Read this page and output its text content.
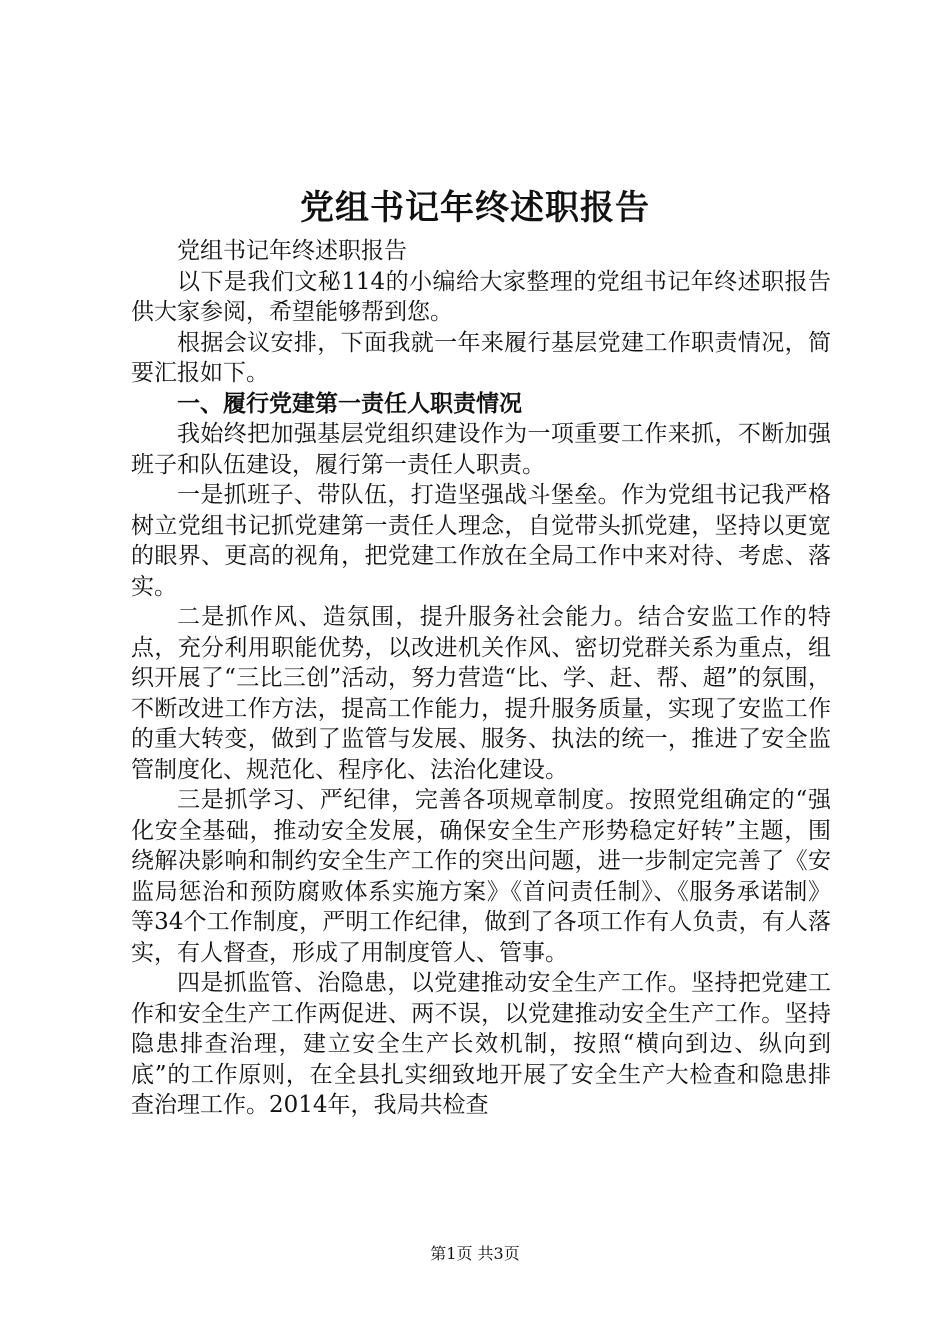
党组书记年终述职报告

党组书记年终述职报告

以下是我们文秘114的小编给大家整理的党组书记年终述职报告供大家参阅，希望能够帮到您。

根据会议安排，下面我就一年来履行基层党建工作职责情况，简要汇报如下。

一、履行党建第一责任人职责情况

我始终把加强基层党组织建设作为一项重要工作来抓，不断加强班子和队伍建设，履行第一责任人职责。

一是抓班子、带队伍，打造坚强战斗堡垒。作为党组书记我严格树立党组书记抓党建第一责任人理念，自觉带头抓党建，坚持以更宽的眼界、更高的视角，把党建工作放在全局工作中来对待、考虑、落实。

二是抓作风、造氛围，提升服务社会能力。结合安监工作的特点，充分利用职能优势，以改进机关作风、密切党群关系为重点，组织开展了“三比三创”活动，努力营造“比、学、赶、帮、超”的氛围，不断改进工作方法，提高工作能力，提升服务质量，实现了安监工作的重大转变，做到了监管与发展、服务、执法的统一，推进了安全监管制度化、规范化、程序化、法治化建设。

三是抓学习、严纪律，完善各项规章制度。按照党组确定的“强化安全基础，推动安全发展，确保安全生产形势稳定好转”主题，围绕解决影响和制约安全生产工作的突出问题，进一步制定完善了《安监局惩治和预防腐败体系实施方案》《首问责任制》、《服务承诺制》等34个工作制度，严明工作纪律，做到了各项工作有人负责，有人落实，有人督查，形成了用制度管人、管事。

四是抓监管、治隐患，以党建推动安全生产工作。坚持把党建工作和安全生产工作两促进、两不误，以党建推动安全生产工作。坚持隐患排查治理，建立安全生产长效机制，按照“横向到边、纵向到底”的工作原则，在全县扎实细致地开展了安全生产大检查和隐患排查治理工作。2014年，我局共检查

第1页 共3页
